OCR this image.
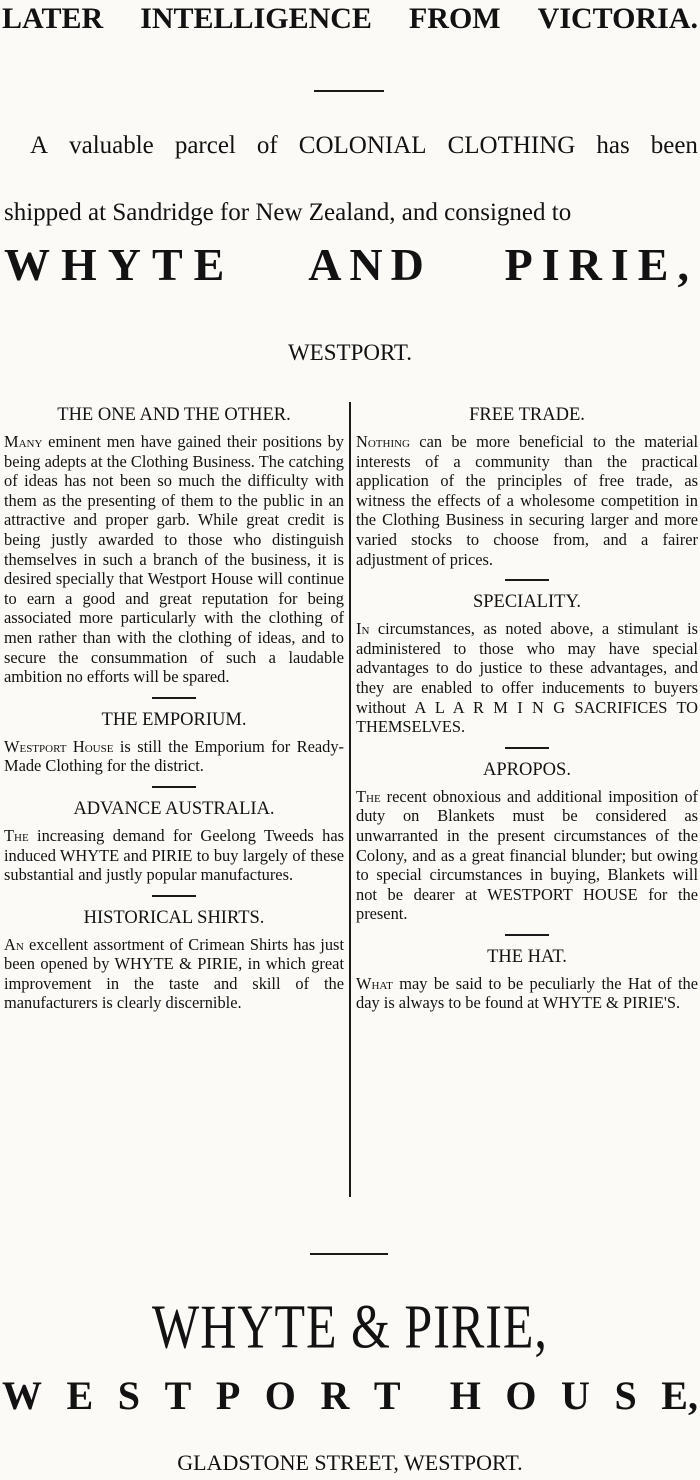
LATER INTELLIGENCE FROM VICTORIA.
A valuable parcel of COLONIAL CLOTHING has been
shipped at Sandridge for New Zealand, and consigned to
WHYTE AND PIRIE,
WESTPORT.
THE ONE AND THE OTHER.

Many eminent men have gained their positions by being adepts at the Clothing Business. The catching of ideas has not been so much the difficulty with them as the presenting of them to the public in an attractive and proper garb. While great credit is being justly awarded to those who distinguish themselves in such a branch of the business, it is desired specially that Westport House will continue to earn a good and great reputation for being associated more particularly with the clothing of men rather than with the clothing of ideas, and to secure the consummation of such a laudable ambition no efforts will be spared.

THE EMPORIUM.

Westport House is still the Emporium for Ready-Made Clothing for the district.

ADVANCE AUSTRALIA.

The increasing demand for Geelong Tweeds has induced WHYTE and PIRIE to buy largely of these substantial and justly popular manufactures.

HISTORICAL SHIRTS.

An excellent assortment of Crimean Shirts has just been opened by WHYTE & PIRIE, in which great improvement in the taste and skill of the manufacturers is clearly discernible.

FREE TRADE.

Nothing can be more beneficial to the material interests of a community than the practical application of the principles of free trade, as witness the effects of a wholesome competition in the Clothing Business in securing larger and more varied stocks to choose from, and a fairer adjustment of prices.

SPECIALITY.

In circumstances, as noted above, a stimulant is administered to those who may have special advantages to do justice to these advantages, and they are enabled to offer inducements to buyers without A L A R M I N G SACRIFICES TO THEMSELVES.

APROPOS.

The recent obnoxious and additional imposition of duty on Blankets must be considered as unwarranted in the present circumstances of the Colony, and as a great financial blunder; but owing to special circumstances in buying, Blankets will not be dearer at WESTPORT HOUSE for the present.

THE HAT.

What may be said to be peculiarly the Hat of the day is always to be found at WHYTE & PIRIE'S.

WHYTE & PIRIE,
W E S T P O R T H O U S E,
GLADSTONE STREET, WESTPORT.
